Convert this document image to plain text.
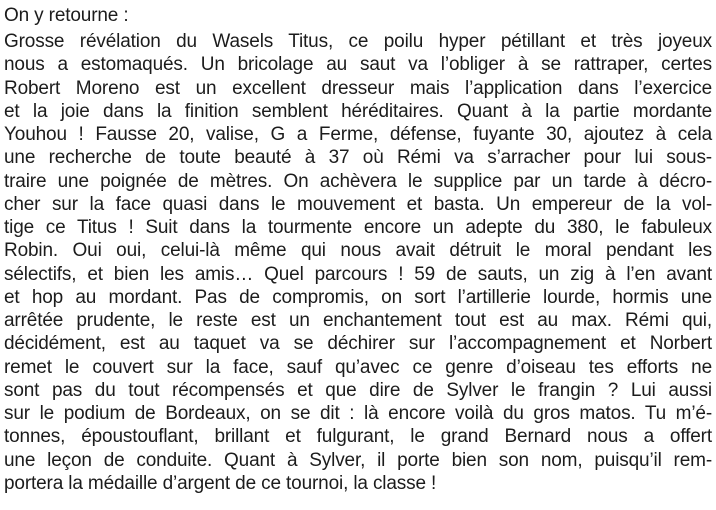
On y retourne :
Grosse révélation du Wasels Titus, ce poilu hyper pétillant et très joyeux
nous a estomaqués. Un bricolage au saut va l’obliger à se rattraper, certes
Robert Moreno est un excellent dresseur mais l’application dans l’exercice
et la joie dans la finition semblent héréditaires. Quant à la partie mordante
Youhou ! Fausse 20, valise, G a Ferme, défense, fuyante 30, ajoutez à cela
une recherche de toute beauté à 37 où Rémi va s’arracher pour lui sous-
traire une poignée de mètres. On achèvera le supplice par un tarde à décro-
cher sur la face quasi dans le mouvement et basta. Un empereur de la vol-
tige ce Titus ! Suit dans la tourmente encore un adepte du 380, le fabuleux
Robin. Oui oui, celui-là même qui nous avait détruit le moral pendant les
sélectifs, et bien les amis… Quel parcours ! 59 de sauts, un zig à l’en avant
et hop au mordant. Pas de compromis, on sort l’artillerie lourde, hormis une
arrêtée prudente, le reste est un enchantement tout est au max. Rémi qui,
décidément, est au taquet va se déchirer sur l’accompagnement et Norbert
remet le couvert sur la face, sauf qu’avec ce genre d’oiseau tes efforts ne
sont pas du tout récompensés et que dire de Sylver le frangin ? Lui aussi
sur le podium de Bordeaux, on se dit : là encore voilà du gros matos. Tu m’é-
tonnes, époustouflant, brillant et fulgurant, le grand Bernard nous a offert
une leçon de conduite. Quant à Sylver, il porte bien son nom, puisqu’il rem-
portera la médaille d’argent de ce tournoi, la classe !
